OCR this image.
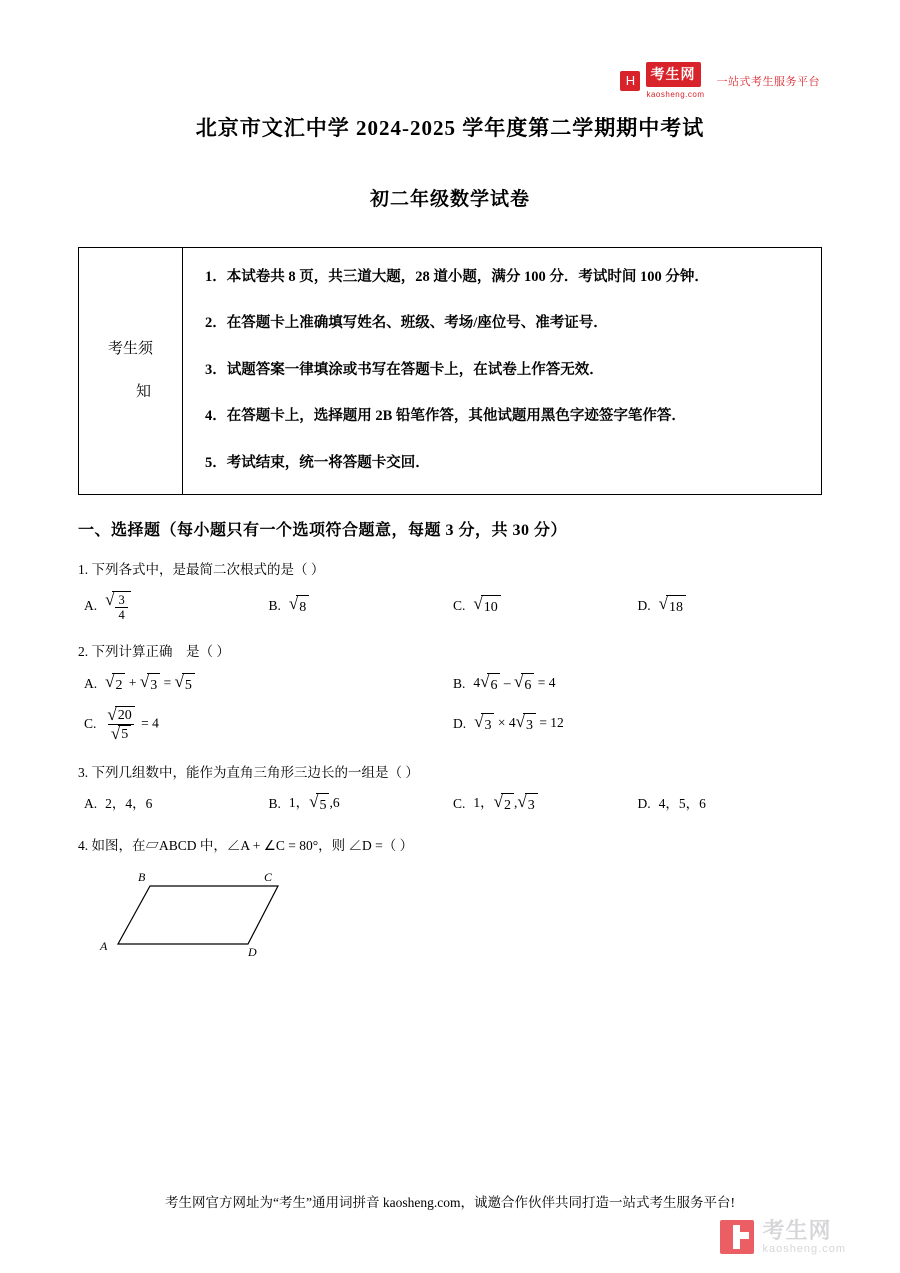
H	考生网
kaosheng.com
一站式考生服务平台
北京市文汇中学 2024-2025 学年度第二学期期中考试
初二年级数学试卷
考生须
知
1．本试卷共 8 页，共三道大题，28 道小题，满分 100 分．考试时间 100 分钟．
2．在答题卡上准确填写姓名、班级、考场/座位号、准考证号．
3．试题答案一律填涂或书写在答题卡上，在试卷上作答无效．
4．在答题卡上，选择题用 2B 铅笔作答，其他试题用黑色字迹签字笔作答．
5．考试结束，统一将答题卡交回．
一、选择题（每小题只有一个选项符合题意，每题 3 分，共 30 分）
1. 下列各式中，是最简二次根式的是（ ）
A. √ $\frac{3}{4}$	B. √ 8	C. √ 10	D. √ 18
2. 下列计算正确　是（ ）
A. √ 2 + √ 3 = √ 5	B. 4 √ 6 – √ 6 = 4
C. $\frac{√ 20}{√ 5} = 4$	D. √ 3 × 4 √ 3 = 12
3. 下列几组数中，能作为直角三角形三边长的一组是（ ）
A. 2，4，6	B. 1， √ 5 ,6	C. 1， √ 2 , √ 3	D. 4，5，6
4. 如图，在▱ABCD 中，∠A + ∠C = 80°，则 ∠D =（ ）
B	C
A	D
考生网官方网址为“考生”通用词拼音 kaosheng.com，诚邀合作伙伴共同打造一站式考生服务平台!
考生网
kaosheng.com
